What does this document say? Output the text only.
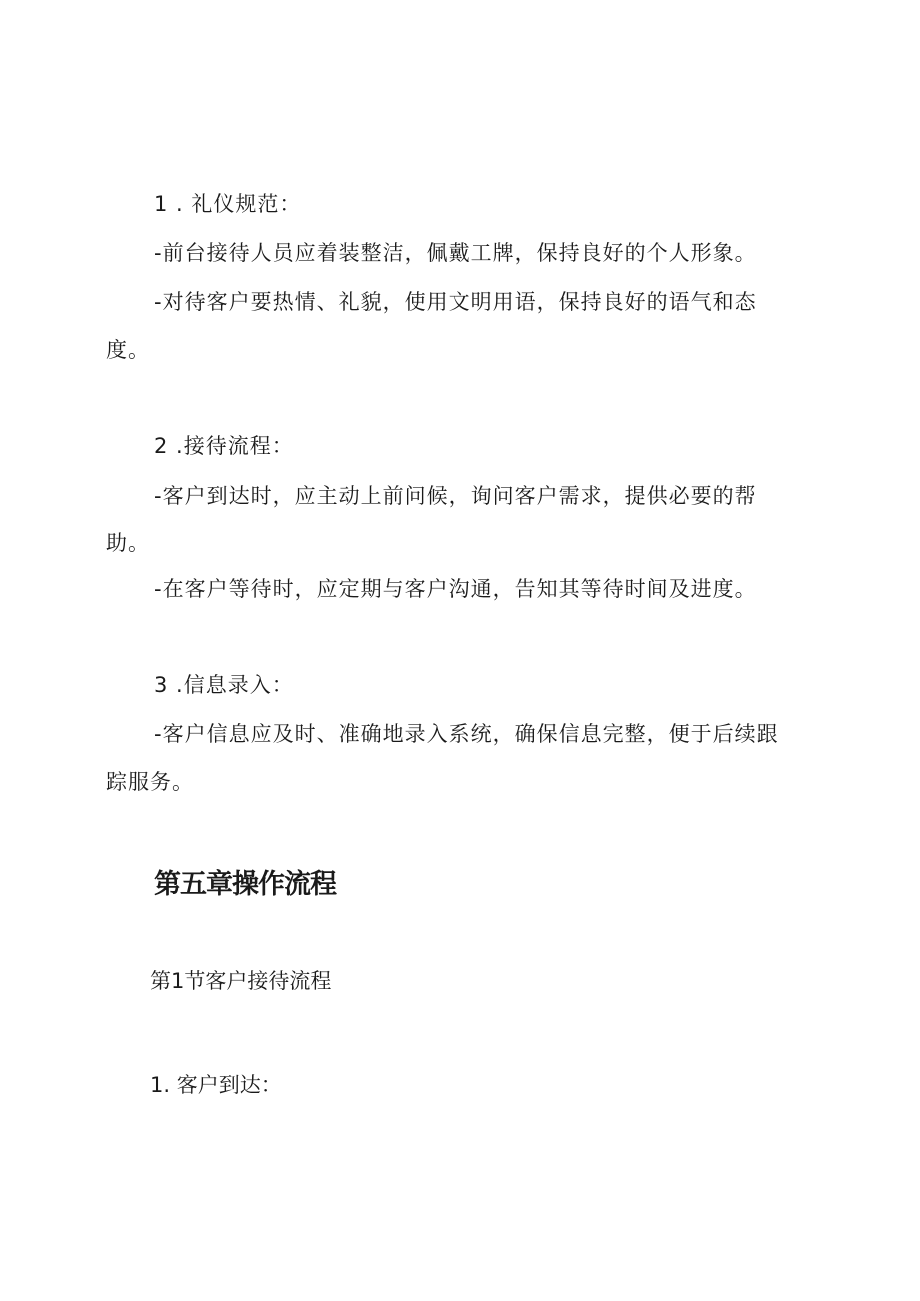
1 . 礼仪规范：
-前台接待人员应着装整洁，佩戴工牌，保持良好的个人形象。
-对待客户要热情、礼貌，使用文明用语，保持良好的语气和态
度。
2 .接待流程：
-客户到达时，应主动上前问候，询问客户需求，提供必要的帮
助。
-在客户等待时，应定期与客户沟通，告知其等待时间及进度。
3 .信息录入：
-客户信息应及时、准确地录入系统，确保信息完整，便于后续跟
踪服务。
第五章操作流程
第1节客户接待流程
1. 客户到达：
